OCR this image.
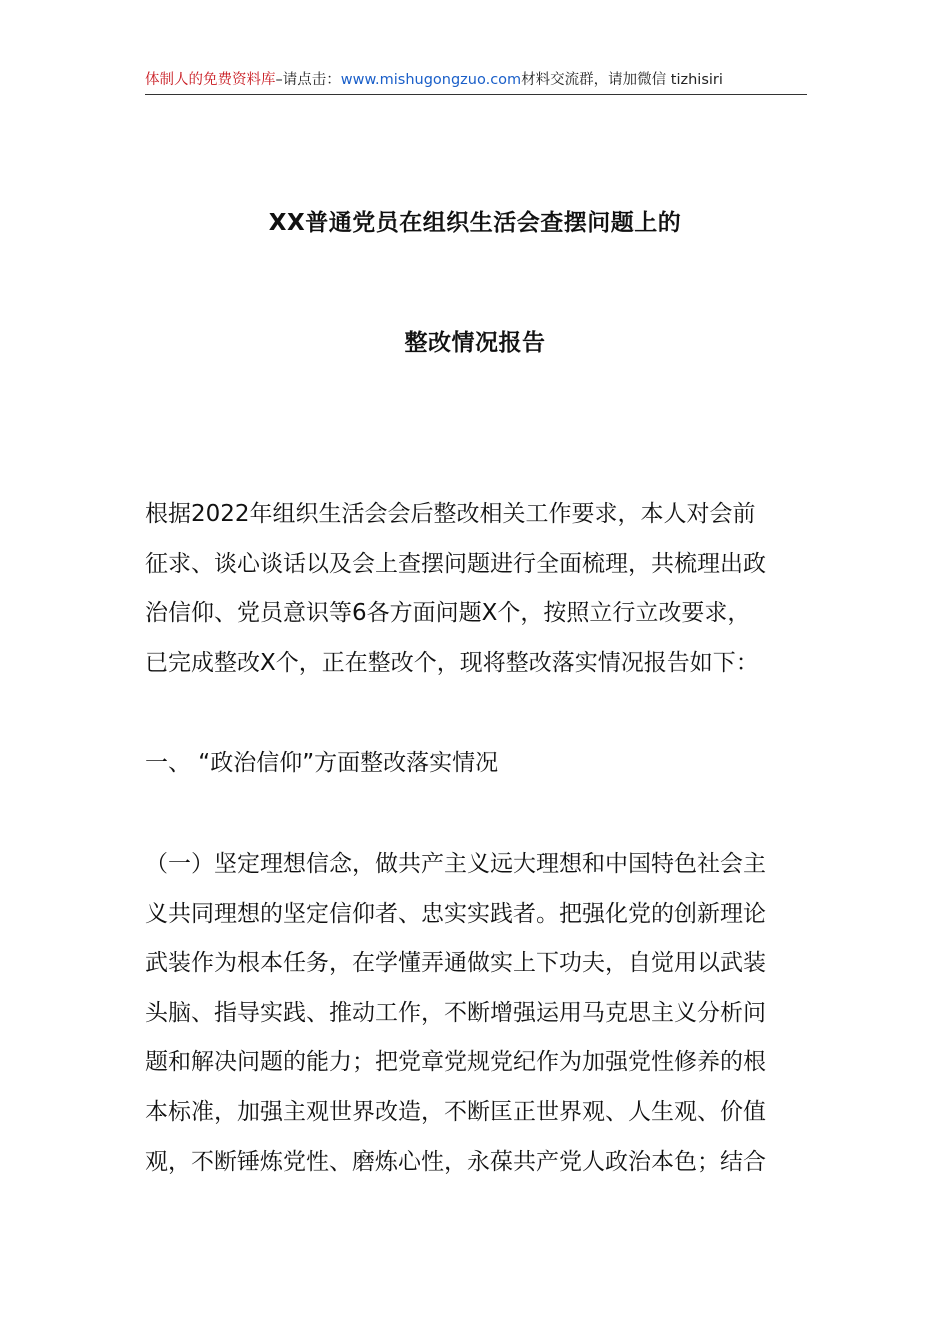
体制人的免费资料库–请点击：www.mishugongzuo.com材料交流群，请加微信 tizhisiri
XX普通党员在组织生活会查摆问题上的
整改情况报告
根据2022年组织生活会会后整改相关工作要求，本人对会前
征求、谈心谈话以及会上查摆问题进行全面梳理，共梳理出政
治信仰、党员意识等6各方面问题X个，按照立行立改要求，
已完成整改X个，正在整改个，现将整改落实情况报告如下：
一、 “政治信仰”方面整改落实情况
（一）坚定理想信念，做共产主义远大理想和中国特色社会主
义共同理想的坚定信仰者、忠实实践者。把强化党的创新理论
武装作为根本任务，在学懂弄通做实上下功夫，自觉用以武装
头脑、指导实践、推动工作，不断增强运用马克思主义分析问
题和解决问题的能力；把党章党规党纪作为加强党性修养的根
本标准，加强主观世界改造，不断匡正世界观、人生观、价值
观，不断锤炼党性、磨炼心性，永葆共产党人政治本色；结合
